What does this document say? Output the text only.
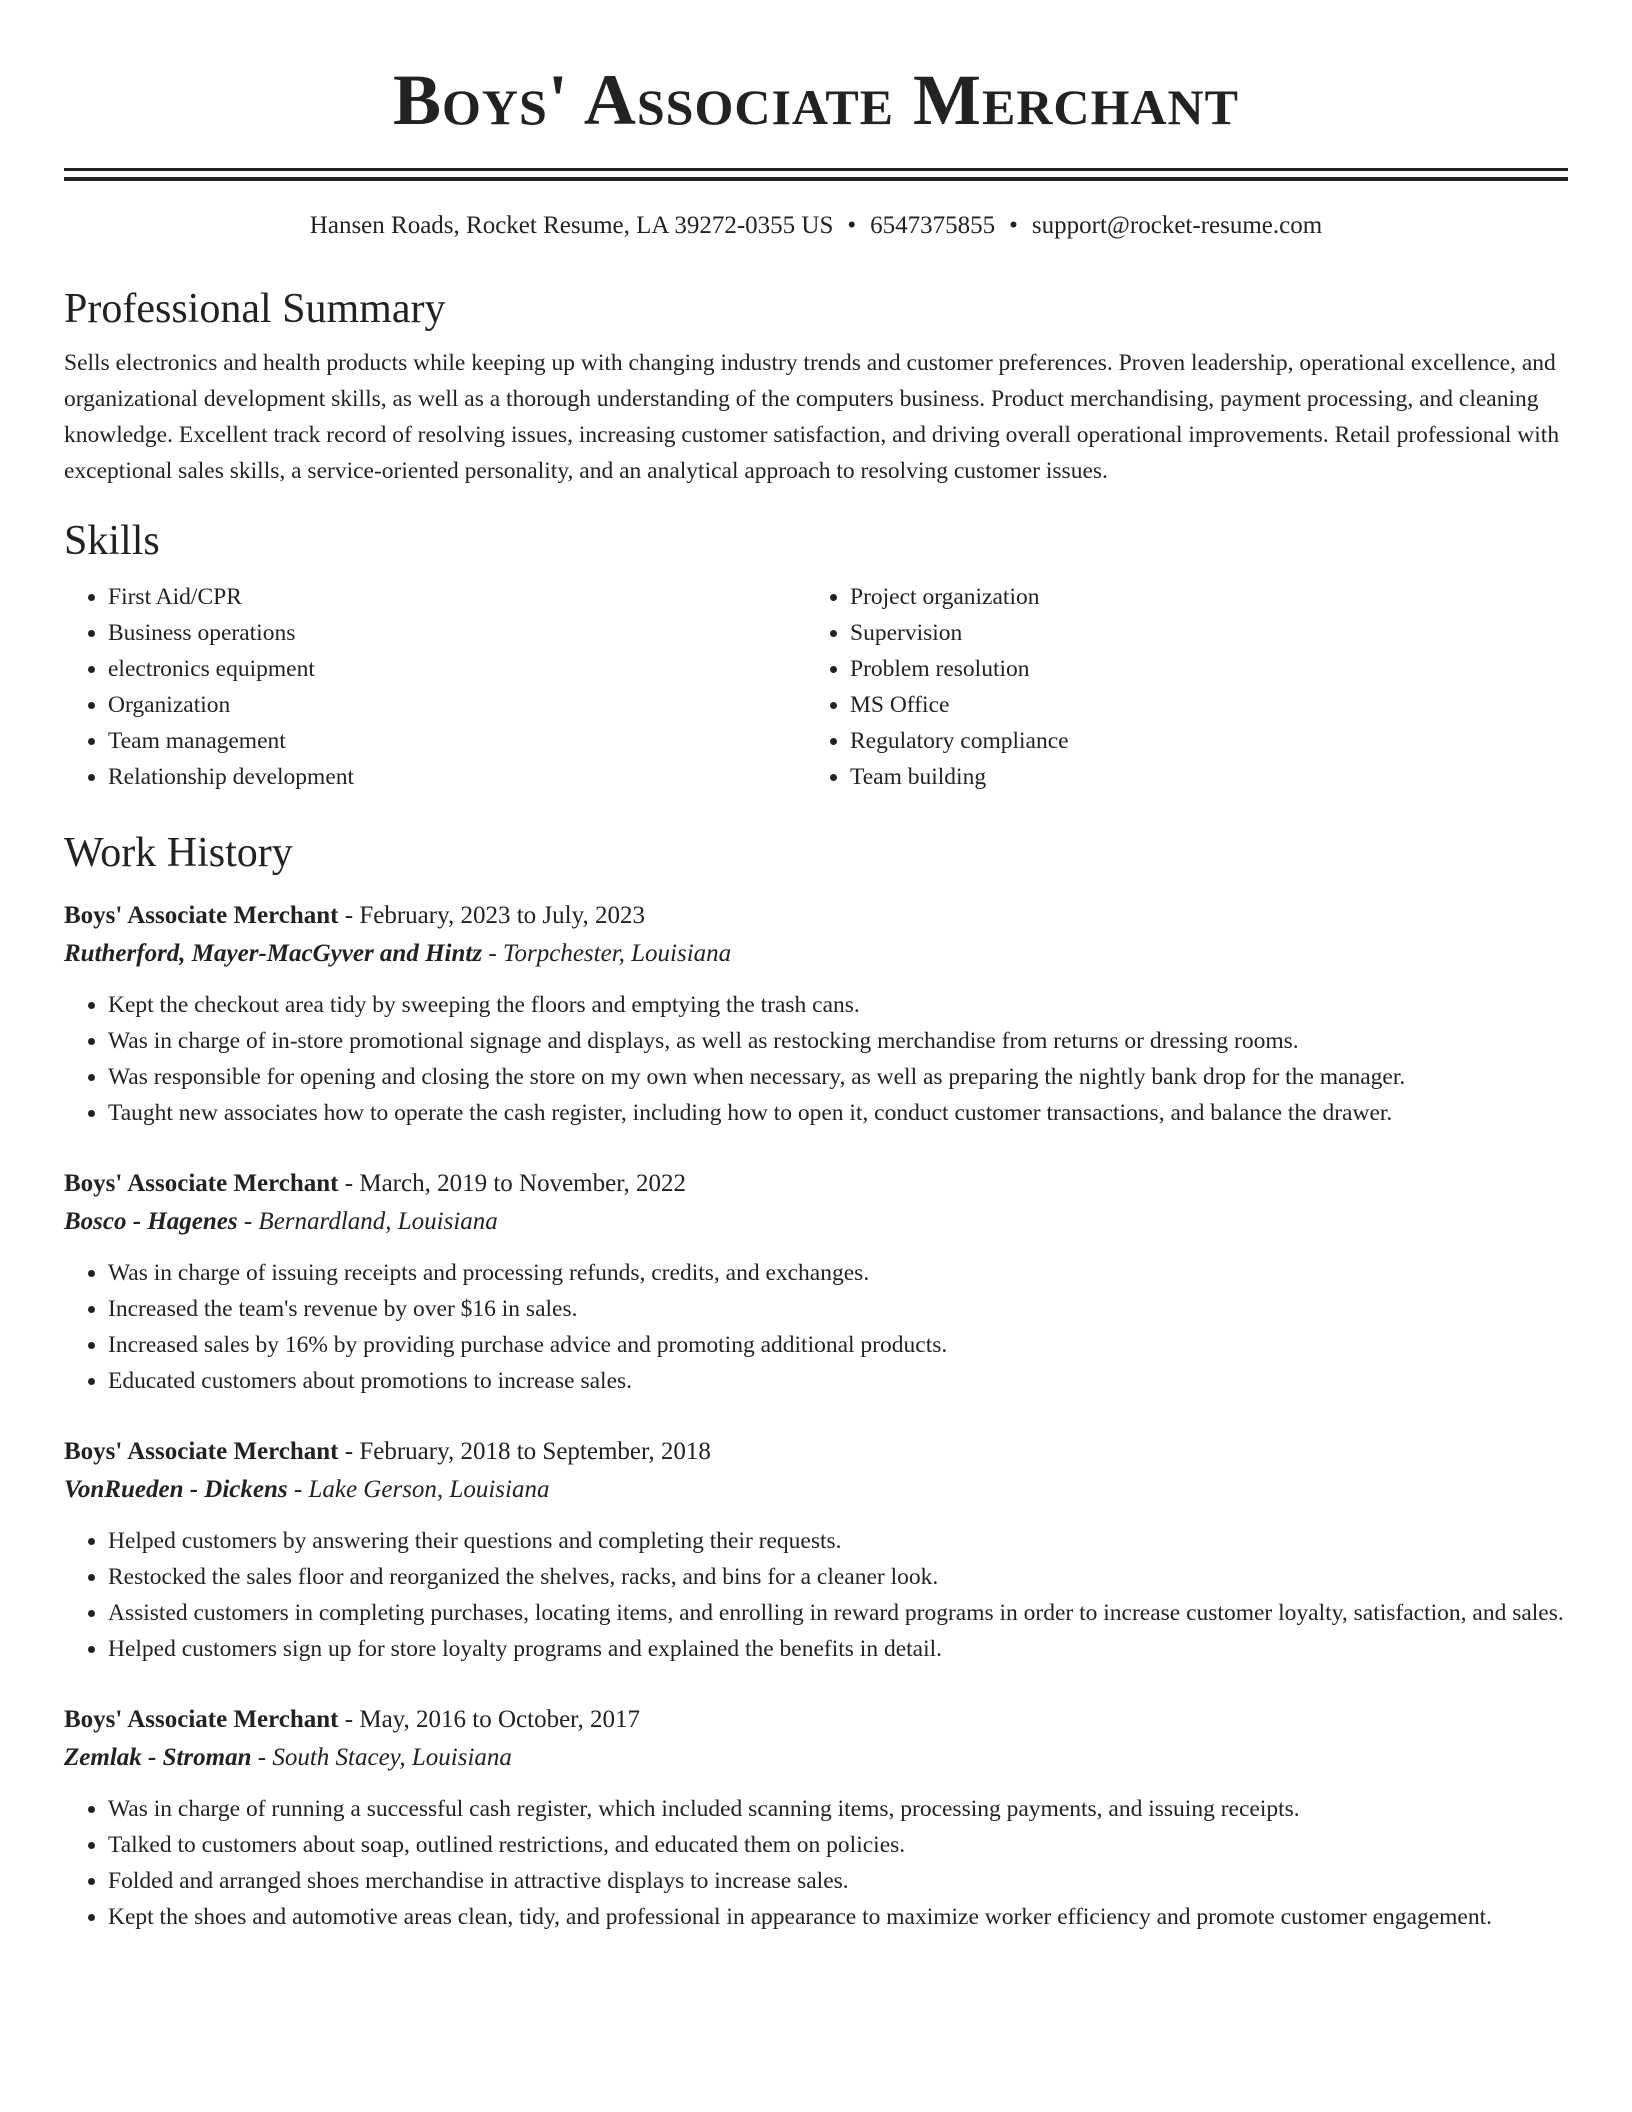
Boys' Associate Merchant
Hansen Roads, Rocket Resume, LA 39272-0355 US • 6547375855 • support@rocket-resume.com
Professional Summary

Sells electronics and health products while keeping up with changing industry trends and customer preferences. Proven leadership, operational excellence, and organizational development skills, as well as a thorough understanding of the computers business. Product merchandising, payment processing, and cleaning knowledge. Excellent track record of resolving issues, increasing customer satisfaction, and driving overall operational improvements. Retail professional with exceptional sales skills, a service-oriented personality, and an analytical approach to resolving customer issues.

Skills
• First Aid/CPR
• Business operations
• electronics equipment
• Organization
• Team management
• Relationship development
• Project organization
• Supervision
• Problem resolution
• MS Office
• Regulatory compliance
• Team building
Work History
Boys' Associate Merchant - February, 2023 to July, 2023
Rutherford, Mayer-MacGyver and Hintz - Torpchester, Louisiana
• Kept the checkout area tidy by sweeping the floors and emptying the trash cans.
• Was in charge of in-store promotional signage and displays, as well as restocking merchandise from returns or dressing rooms.
• Was responsible for opening and closing the store on my own when necessary, as well as preparing the nightly bank drop for the manager.
• Taught new associates how to operate the cash register, including how to open it, conduct customer transactions, and balance the drawer.
Boys' Associate Merchant - March, 2019 to November, 2022
Bosco - Hagenes - Bernardland, Louisiana
• Was in charge of issuing receipts and processing refunds, credits, and exchanges.
• Increased the team's revenue by over $16 in sales.
• Increased sales by 16% by providing purchase advice and promoting additional products.
• Educated customers about promotions to increase sales.
Boys' Associate Merchant - February, 2018 to September, 2018
VonRueden - Dickens - Lake Gerson, Louisiana
• Helped customers by answering their questions and completing their requests.
• Restocked the sales floor and reorganized the shelves, racks, and bins for a cleaner look.
• Assisted customers in completing purchases, locating items, and enrolling in reward programs in order to increase customer loyalty, satisfaction, and sales.
• Helped customers sign up for store loyalty programs and explained the benefits in detail.
Boys' Associate Merchant - May, 2016 to October, 2017
Zemlak - Stroman - South Stacey, Louisiana
• Was in charge of running a successful cash register, which included scanning items, processing payments, and issuing receipts.
• Talked to customers about soap, outlined restrictions, and educated them on policies.
• Folded and arranged shoes merchandise in attractive displays to increase sales.
• Kept the shoes and automotive areas clean, tidy, and professional in appearance to maximize worker efficiency and promote customer engagement.
